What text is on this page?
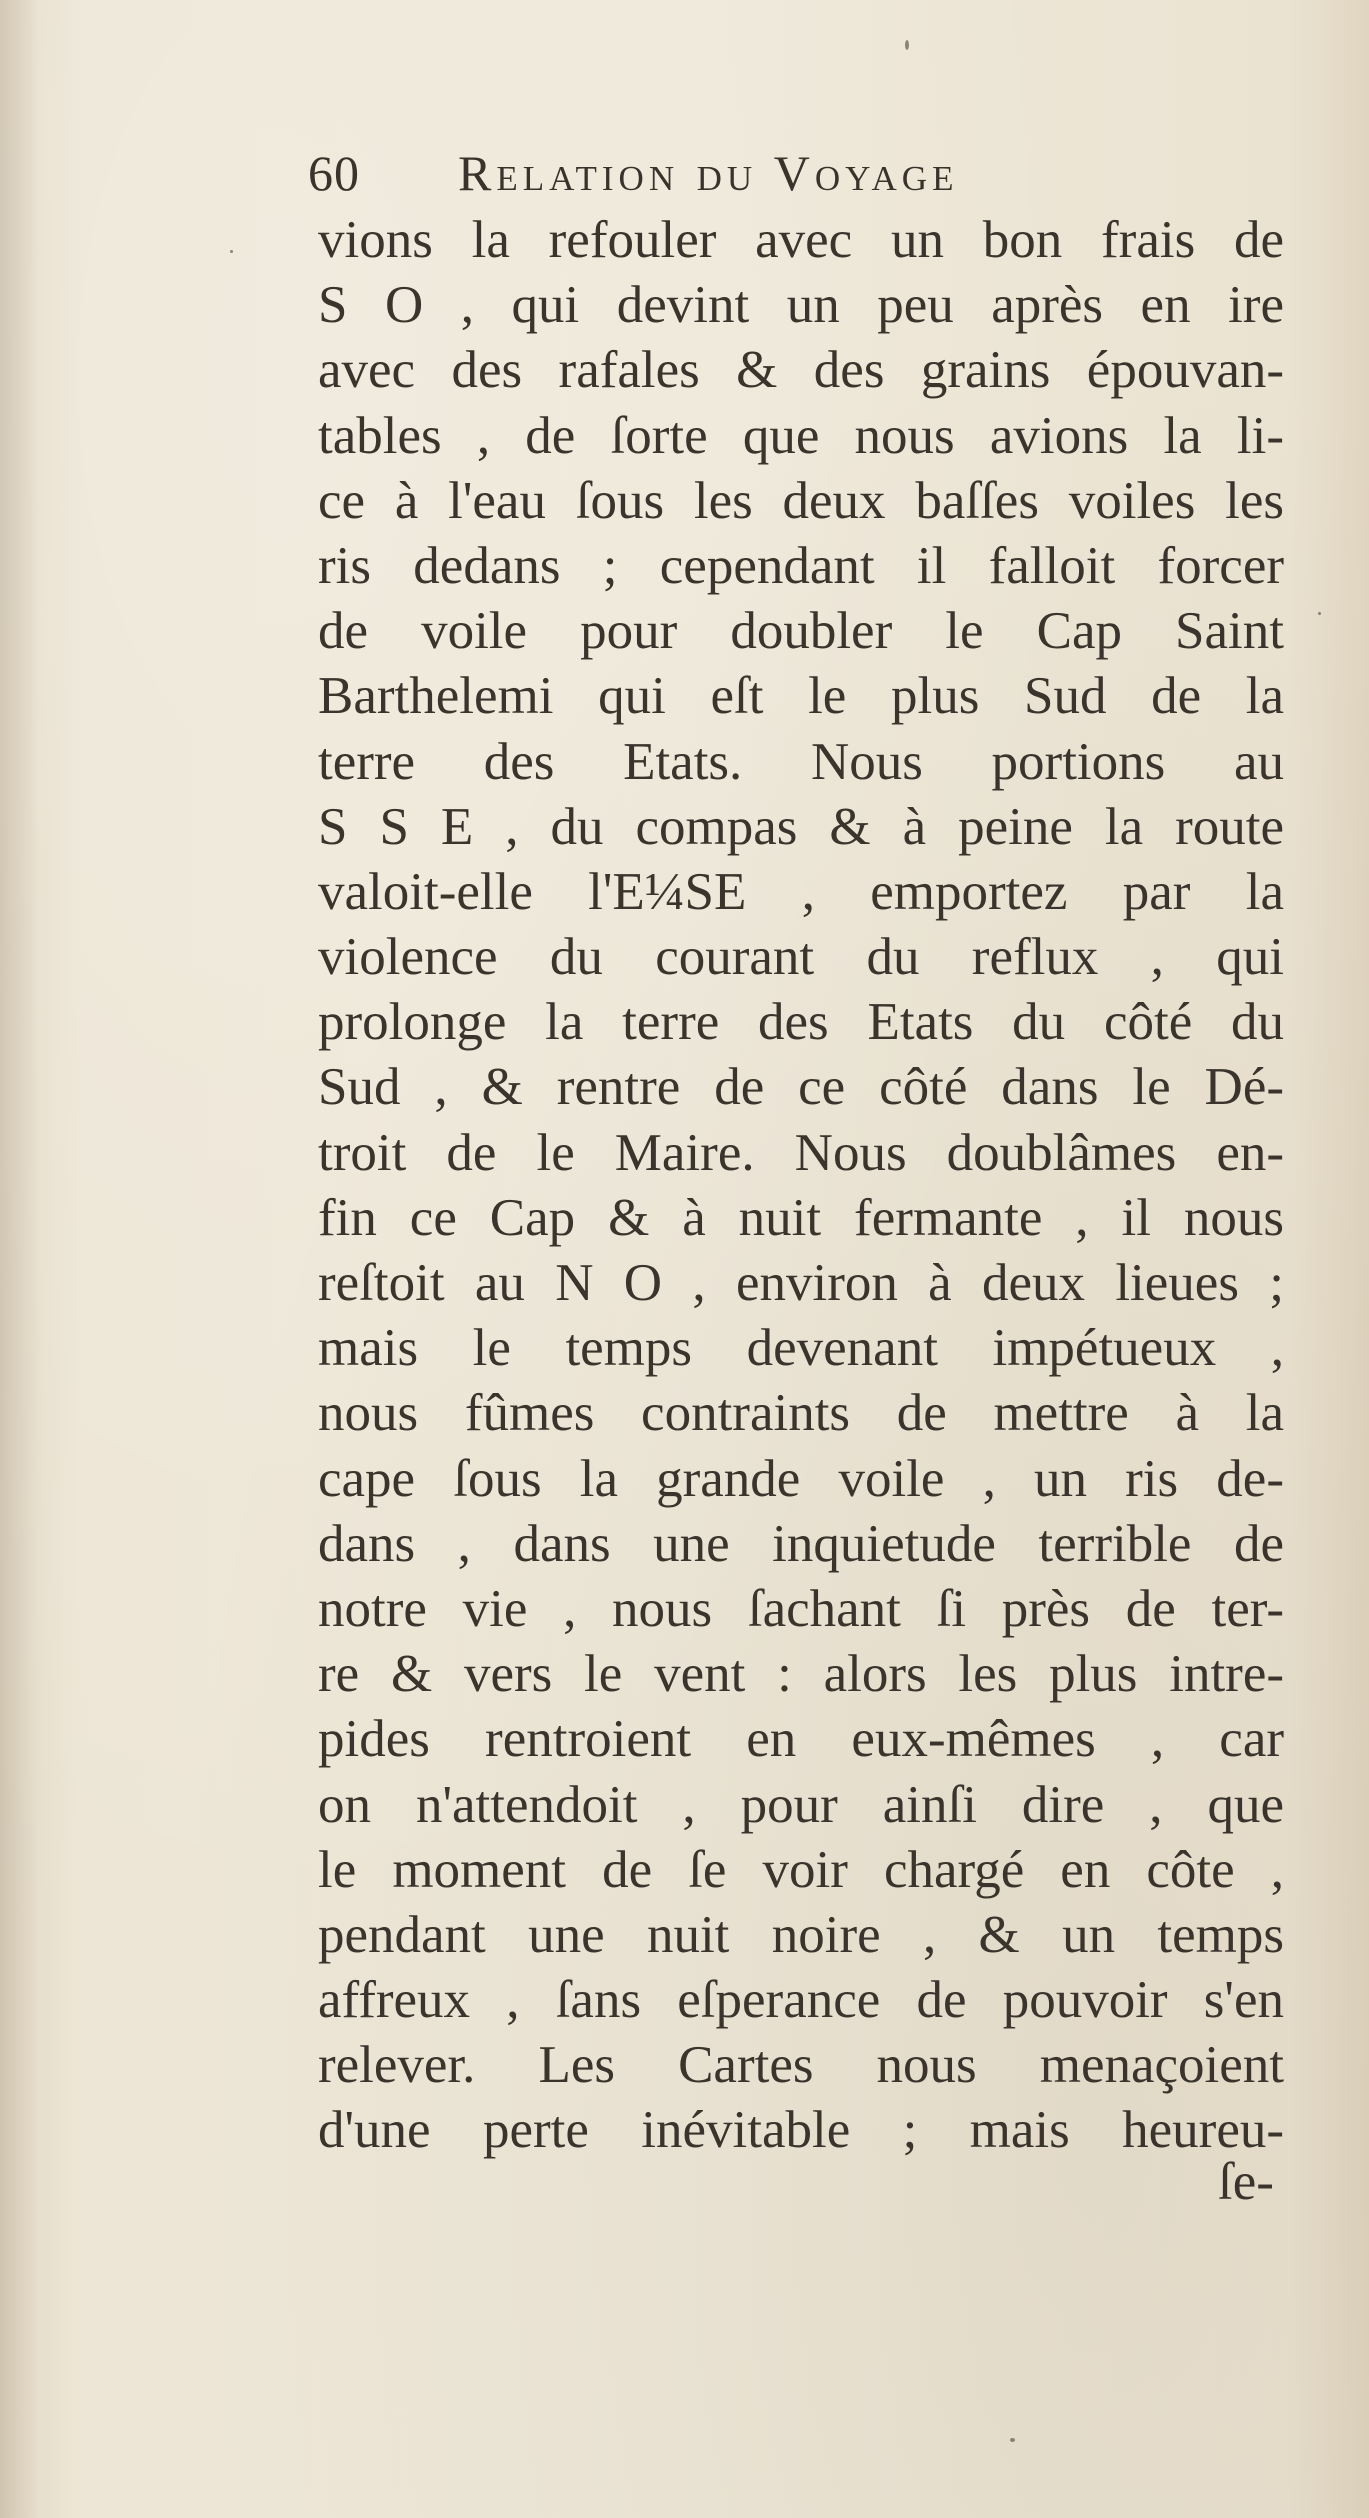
60 Relation du Voyage
vions la refouler avec un bon frais de
S O , qui devint un peu après en ire
avec des rafales & des grains épouvan-
tables , de ſorte que nous avions la li-
ce à l'eau ſous les deux baſſes voiles les
ris dedans ; cependant il falloit forcer
de voile pour doubler le Cap Saint
Barthelemi qui eſt le plus Sud de la
terre des Etats. Nous portions au
S S E , du compas & à peine la route
valoit-elle l'E¼SE , emportez par la
violence du courant du reflux , qui
prolonge la terre des Etats du côté du
Sud , & rentre de ce côté dans le Dé-
troit de le Maire. Nous doublâmes en-
fin ce Cap & à nuit fermante , il nous
reſtoit au N O , environ à deux lieues ;
mais le temps devenant impétueux ,
nous fûmes contraints de mettre à la
cape ſous la grande voile , un ris de-
dans , dans une inquietude terrible de
notre vie , nous ſachant ſi près de ter-
re & vers le vent : alors les plus intre-
pides rentroient en eux-mêmes , car
on n'attendoit , pour ainſi dire , que
le moment de ſe voir chargé en côte ,
pendant une nuit noire , & un temps
affreux , ſans eſperance de pouvoir s'en
relever. Les Cartes nous menaçoient
d'une perte inévitable ; mais heureu-
ſe-
